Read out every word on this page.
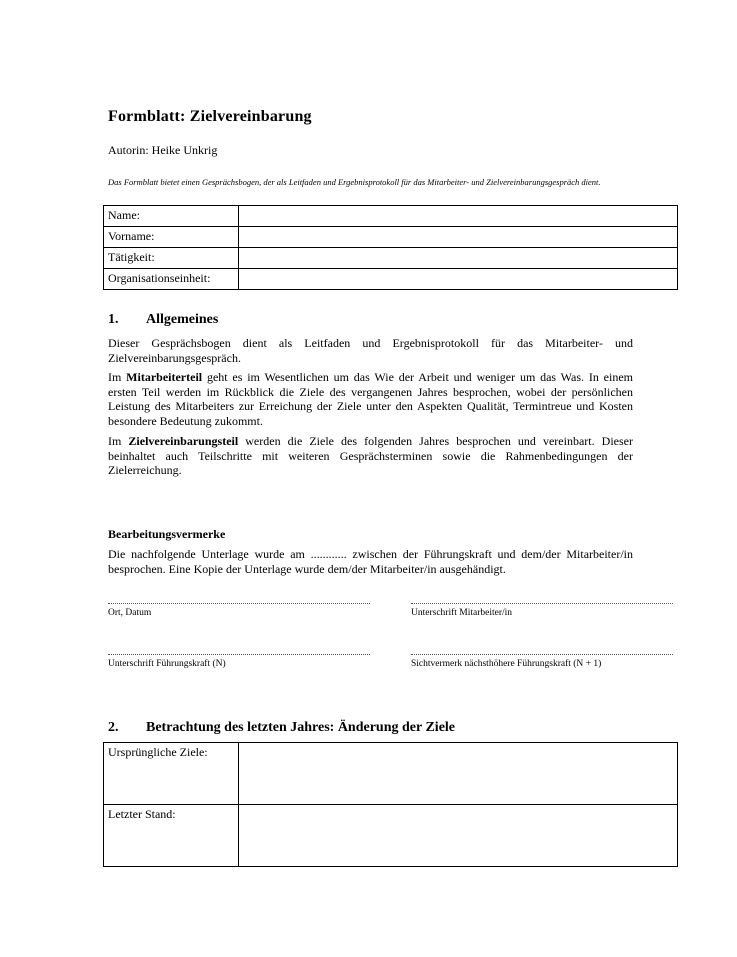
Formblatt: Zielvereinbarung
Autorin: Heike Unkrig
Das Formblatt bietet einen Gesprächsbogen, der als Leitfaden und Ergebnisprotokoll für das Mitarbeiter- und Zielvereinbarungsgespräch dient.
Name:	
Vorname:	
Tätigkeit:	
Organisationseinheit:	
1. Allgemeines
Dieser Gesprächsbogen dient als Leitfaden und Ergebnisprotokoll für das Mitarbeiter- und Zielvereinbarungsgespräch.
Im Mitarbeiterteil geht es im Wesentlichen um das Wie der Arbeit und weniger um das Was. In einem ersten Teil werden im Rückblick die Ziele des vergangenen Jahres besprochen, wobei der persönlichen Leistung des Mitarbeiters zur Erreichung der Ziele unter den Aspekten Qualität, Termintreue und Kosten besondere Bedeutung zukommt.
Im Zielvereinbarungsteil werden die Ziele des folgenden Jahres besprochen und vereinbart. Dieser beinhaltet auch Teilschritte mit weiteren Gesprächsterminen sowie die Rahmenbedingungen der Zielerreichung.
Bearbeitungsvermerke
Die nachfolgende Unterlage wurde am ............ zwischen der Führungskraft und dem/der Mitarbeiter/in besprochen. Eine Kopie der Unterlage wurde dem/der Mitarbeiter/in ausgehändigt.
Ort, Datum	Unterschrift Mitarbeiter/in
Unterschrift Führungskraft (N)	Sichtvermerk nächsthöhere Führungskraft (N + 1)
2. Betrachtung des letzten Jahres: Änderung der Ziele
Ursprüngliche Ziele:	
Letzter Stand:	
